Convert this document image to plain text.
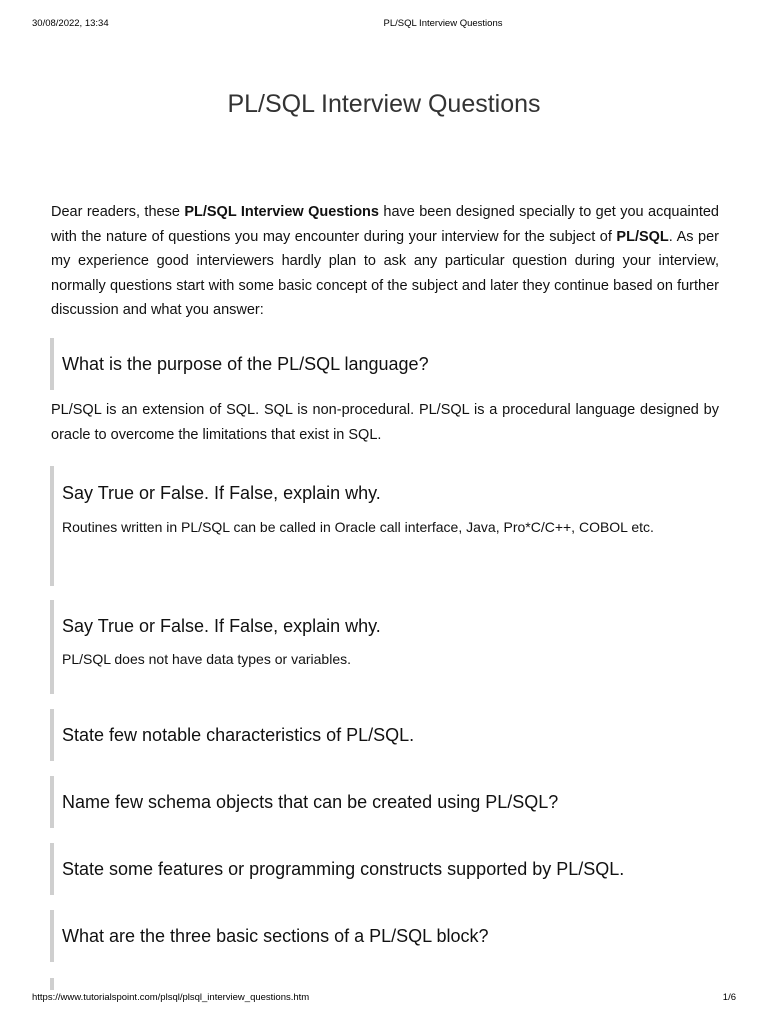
30/08/2022, 13:34	PL/SQL Interview Questions
PL/SQL Interview Questions

Dear readers, these PL/SQL Interview Questions have been designed specially to get you acquainted with the nature of questions you may encounter during your interview for the subject of PL/SQL. As per my experience good interviewers hardly plan to ask any particular question during your interview, normally questions start with some basic concept of the subject and later they continue based on further discussion and what you answer:

What is the purpose of the PL/SQL language?

PL/SQL is an extension of SQL. SQL is non-procedural. PL/SQL is a procedural language designed by oracle to overcome the limitations that exist in SQL.

Say True or False. If False, explain why.

Routines written in PL/SQL can be called in Oracle call interface, Java, Pro*C/C++, COBOL etc.

Say True or False. If False, explain why.

PL/SQL does not have data types or variables.

State few notable characteristics of PL/SQL.

Name few schema objects that can be created using PL/SQL?

State some features or programming constructs supported by PL/SQL.

What are the three basic sections of a PL/SQL block?

https://www.tutorialspoint.com/plsql/plsql_interview_questions.htm	1/6
